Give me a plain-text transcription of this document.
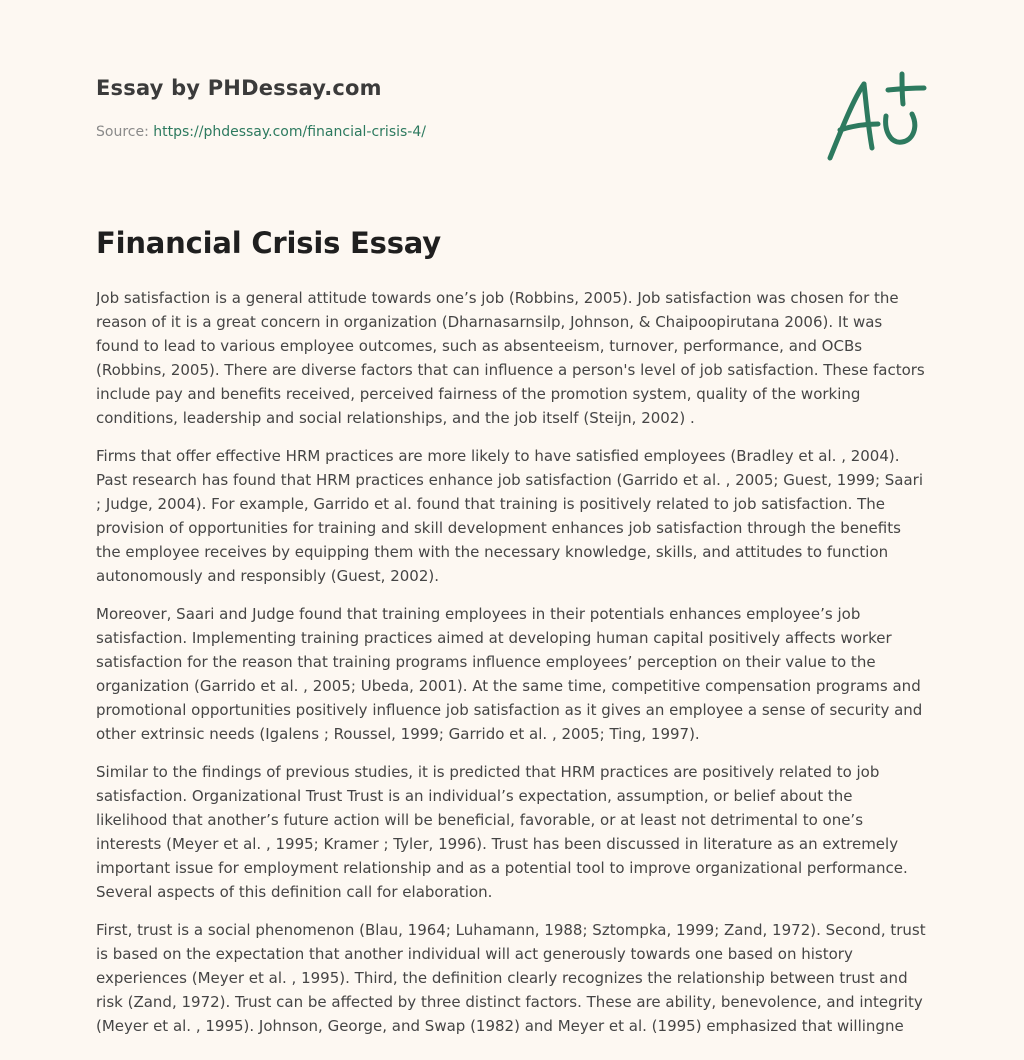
Essay by PHDessay.com
Source: https://phdessay.com/financial-crisis-4/
Financial Crisis Essay

Job satisfaction is a general attitude towards one’s job (Robbins, 2005). Job satisfaction was chosen for the reason of it is a great concern in organization (Dharnasarnsilp, Johnson, & Chaipoopirutana 2006). It was found to lead to various employee outcomes, such as absenteeism, turnover, performance, and OCBs (Robbins, 2005). There are diverse factors that can influence a person's level of job satisfaction. These factors include pay and benefits received, perceived fairness of the promotion system, quality of the working conditions, leadership and social relationships, and the job itself (Steijn, 2002) .

Firms that offer effective HRM practices are more likely to have satisfied employees (Bradley et al. , 2004). Past research has found that HRM practices enhance job satisfaction (Garrido et al. , 2005; Guest, 1999; Saari ; Judge, 2004). For example, Garrido et al. found that training is positively related to job satisfaction. The provision of opportunities for training and skill development enhances job satisfaction through the benefits the employee receives by equipping them with the necessary knowledge, skills, and attitudes to function autonomously and responsibly (Guest, 2002).

Moreover, Saari and Judge found that training employees in their potentials enhances employee’s job satisfaction. Implementing training practices aimed at developing human capital positively affects worker satisfaction for the reason that training programs influence employees’ perception on their value to the organization (Garrido et al. , 2005; Ubeda, 2001). At the same time, competitive compensation programs and promotional opportunities positively influence job satisfaction as it gives an employee a sense of security and other extrinsic needs (Igalens ; Roussel, 1999; Garrido et al. , 2005; Ting, 1997).

Similar to the findings of previous studies, it is predicted that HRM practices are positively related to job satisfaction. Organizational Trust Trust is an individual’s expectation, assumption, or belief about the likelihood that another’s future action will be beneficial, favorable, or at least not detrimental to one’s interests (Meyer et al. , 1995; Kramer ; Tyler, 1996). Trust has been discussed in literature as an extremely important issue for employment relationship and as a potential tool to improve organizational performance. Several aspects of this definition call for elaboration.

First, trust is a social phenomenon (Blau, 1964; Luhamann, 1988; Sztompka, 1999; Zand, 1972). Second, trust is based on the expectation that another individual will act generously towards one based on history experiences (Meyer et al. , 1995). Third, the definition clearly recognizes the relationship between trust and risk (Zand, 1972). Trust can be affected by three distinct factors. These are ability, benevolence, and integrity (Meyer et al. , 1995). Johnson, George, and Swap (1982) and Meyer et al. (1995) emphasized that willingne
